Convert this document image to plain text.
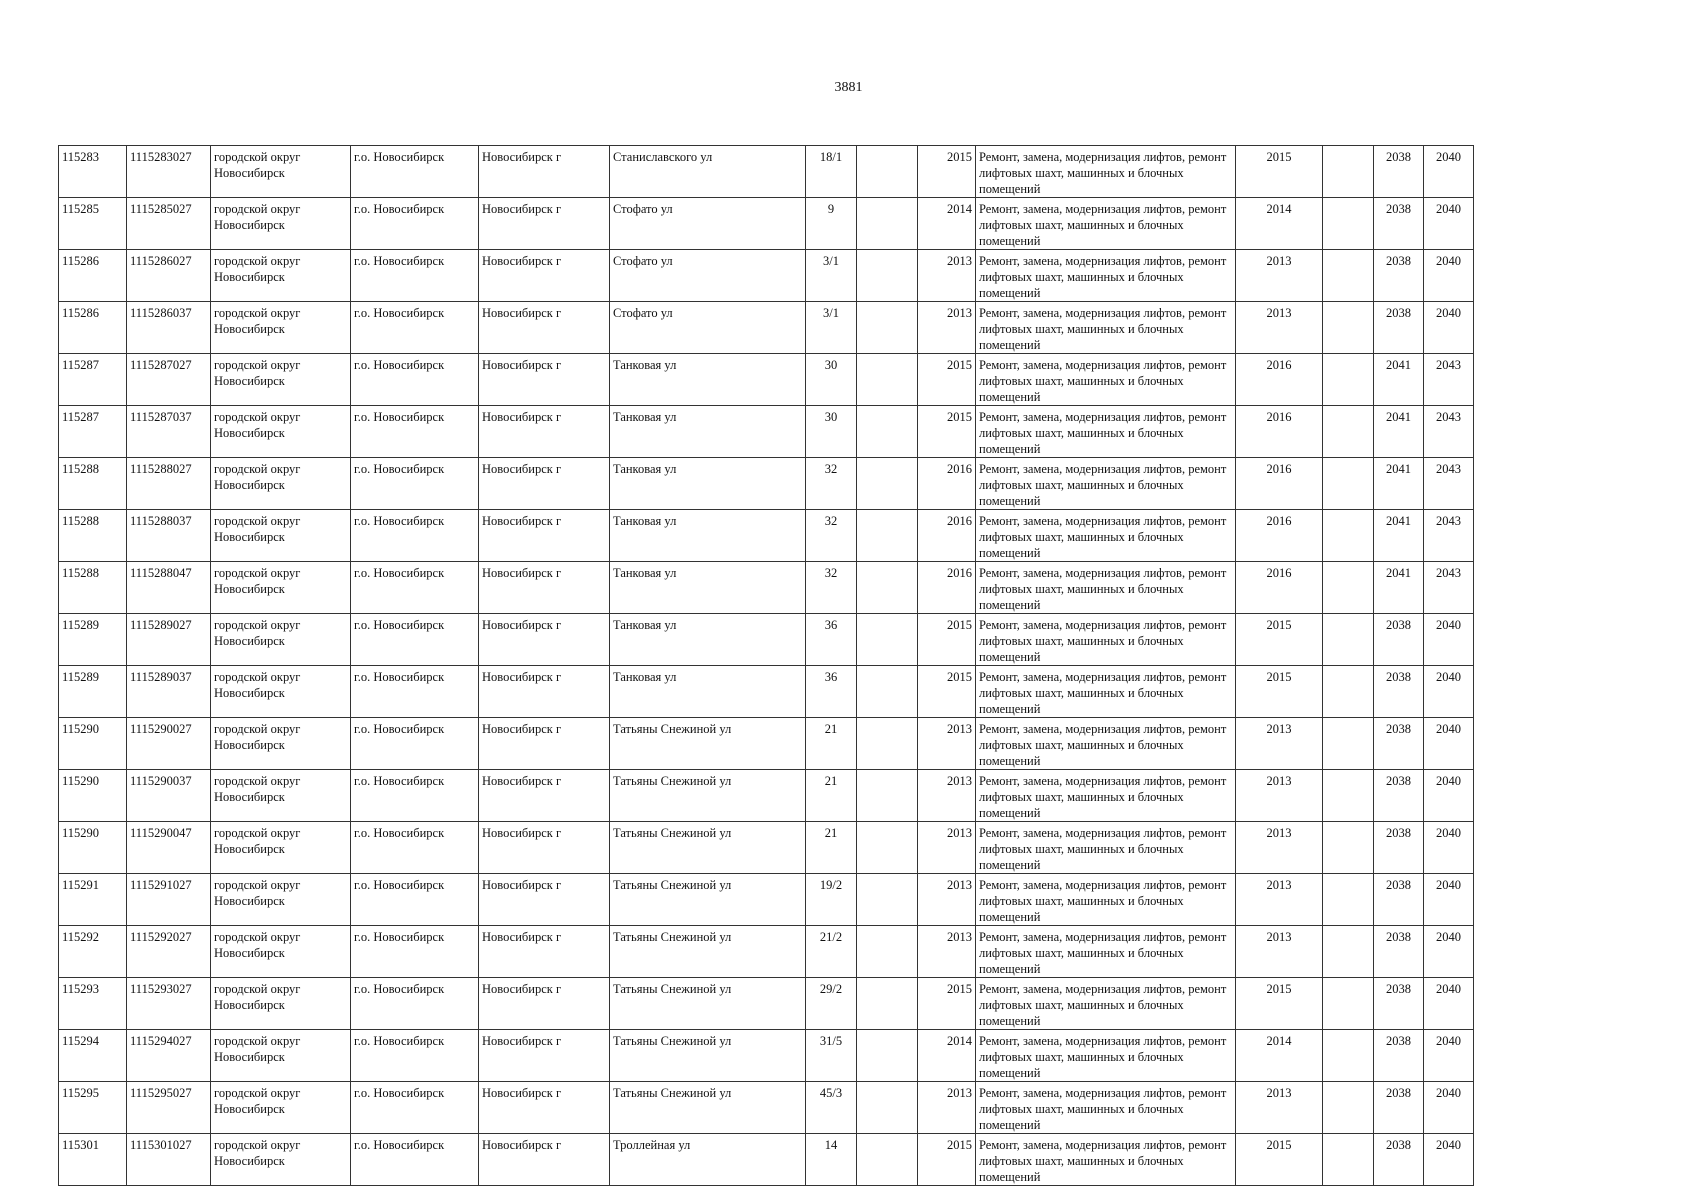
3881
115283	1115283027	городской округ Новосибирск	г.о. Новосибирск	Новосибирск г	Станиславского ул	18/1		2015	Ремонт, замена, модернизация лифтов, ремонт лифтовых шахт, машинных и блочных помещений	2015		2038	2040
115285	1115285027	городской округ Новосибирск	г.о. Новосибирск	Новосибирск г	Стофато ул	9		2014	Ремонт, замена, модернизация лифтов, ремонт лифтовых шахт, машинных и блочных помещений	2014		2038	2040
115286	1115286027	городской округ Новосибирск	г.о. Новосибирск	Новосибирск г	Стофато ул	3/1		2013	Ремонт, замена, модернизация лифтов, ремонт лифтовых шахт, машинных и блочных помещений	2013		2038	2040
115286	1115286037	городской округ Новосибирск	г.о. Новосибирск	Новосибирск г	Стофато ул	3/1		2013	Ремонт, замена, модернизация лифтов, ремонт лифтовых шахт, машинных и блочных помещений	2013		2038	2040
115287	1115287027	городской округ Новосибирск	г.о. Новосибирск	Новосибирск г	Танковая ул	30		2015	Ремонт, замена, модернизация лифтов, ремонт лифтовых шахт, машинных и блочных помещений	2016		2041	2043
115287	1115287037	городской округ Новосибирск	г.о. Новосибирск	Новосибирск г	Танковая ул	30		2015	Ремонт, замена, модернизация лифтов, ремонт лифтовых шахт, машинных и блочных помещений	2016		2041	2043
115288	1115288027	городской округ Новосибирск	г.о. Новосибирск	Новосибирск г	Танковая ул	32		2016	Ремонт, замена, модернизация лифтов, ремонт лифтовых шахт, машинных и блочных помещений	2016		2041	2043
115288	1115288037	городской округ Новосибирск	г.о. Новосибирск	Новосибирск г	Танковая ул	32		2016	Ремонт, замена, модернизация лифтов, ремонт лифтовых шахт, машинных и блочных помещений	2016		2041	2043
115288	1115288047	городской округ Новосибирск	г.о. Новосибирск	Новосибирск г	Танковая ул	32		2016	Ремонт, замена, модернизация лифтов, ремонт лифтовых шахт, машинных и блочных помещений	2016		2041	2043
115289	1115289027	городской округ Новосибирск	г.о. Новосибирск	Новосибирск г	Танковая ул	36		2015	Ремонт, замена, модернизация лифтов, ремонт лифтовых шахт, машинных и блочных помещений	2015		2038	2040
115289	1115289037	городской округ Новосибирск	г.о. Новосибирск	Новосибирск г	Танковая ул	36		2015	Ремонт, замена, модернизация лифтов, ремонт лифтовых шахт, машинных и блочных помещений	2015		2038	2040
115290	1115290027	городской округ Новосибирск	г.о. Новосибирск	Новосибирск г	Татьяны Снежиной ул	21		2013	Ремонт, замена, модернизация лифтов, ремонт лифтовых шахт, машинных и блочных помещений	2013		2038	2040
115290	1115290037	городской округ Новосибирск	г.о. Новосибирск	Новосибирск г	Татьяны Снежиной ул	21		2013	Ремонт, замена, модернизация лифтов, ремонт лифтовых шахт, машинных и блочных помещений	2013		2038	2040
115290	1115290047	городской округ Новосибирск	г.о. Новосибирск	Новосибирск г	Татьяны Снежиной ул	21		2013	Ремонт, замена, модернизация лифтов, ремонт лифтовых шахт, машинных и блочных помещений	2013		2038	2040
115291	1115291027	городской округ Новосибирск	г.о. Новосибирск	Новосибирск г	Татьяны Снежиной ул	19/2		2013	Ремонт, замена, модернизация лифтов, ремонт лифтовых шахт, машинных и блочных помещений	2013		2038	2040
115292	1115292027	городской округ Новосибирск	г.о. Новосибирск	Новосибирск г	Татьяны Снежиной ул	21/2		2013	Ремонт, замена, модернизация лифтов, ремонт лифтовых шахт, машинных и блочных помещений	2013		2038	2040
115293	1115293027	городской округ Новосибирск	г.о. Новосибирск	Новосибирск г	Татьяны Снежиной ул	29/2		2015	Ремонт, замена, модернизация лифтов, ремонт лифтовых шахт, машинных и блочных помещений	2015		2038	2040
115294	1115294027	городской округ Новосибирск	г.о. Новосибирск	Новосибирск г	Татьяны Снежиной ул	31/5		2014	Ремонт, замена, модернизация лифтов, ремонт лифтовых шахт, машинных и блочных помещений	2014		2038	2040
115295	1115295027	городской округ Новосибирск	г.о. Новосибирск	Новосибирск г	Татьяны Снежиной ул	45/3		2013	Ремонт, замена, модернизация лифтов, ремонт лифтовых шахт, машинных и блочных помещений	2013		2038	2040
115301	1115301027	городской округ Новосибирск	г.о. Новосибирск	Новосибирск г	Троллейная ул	14		2015	Ремонт, замена, модернизация лифтов, ремонт лифтовых шахт, машинных и блочных помещений	2015		2038	2040
